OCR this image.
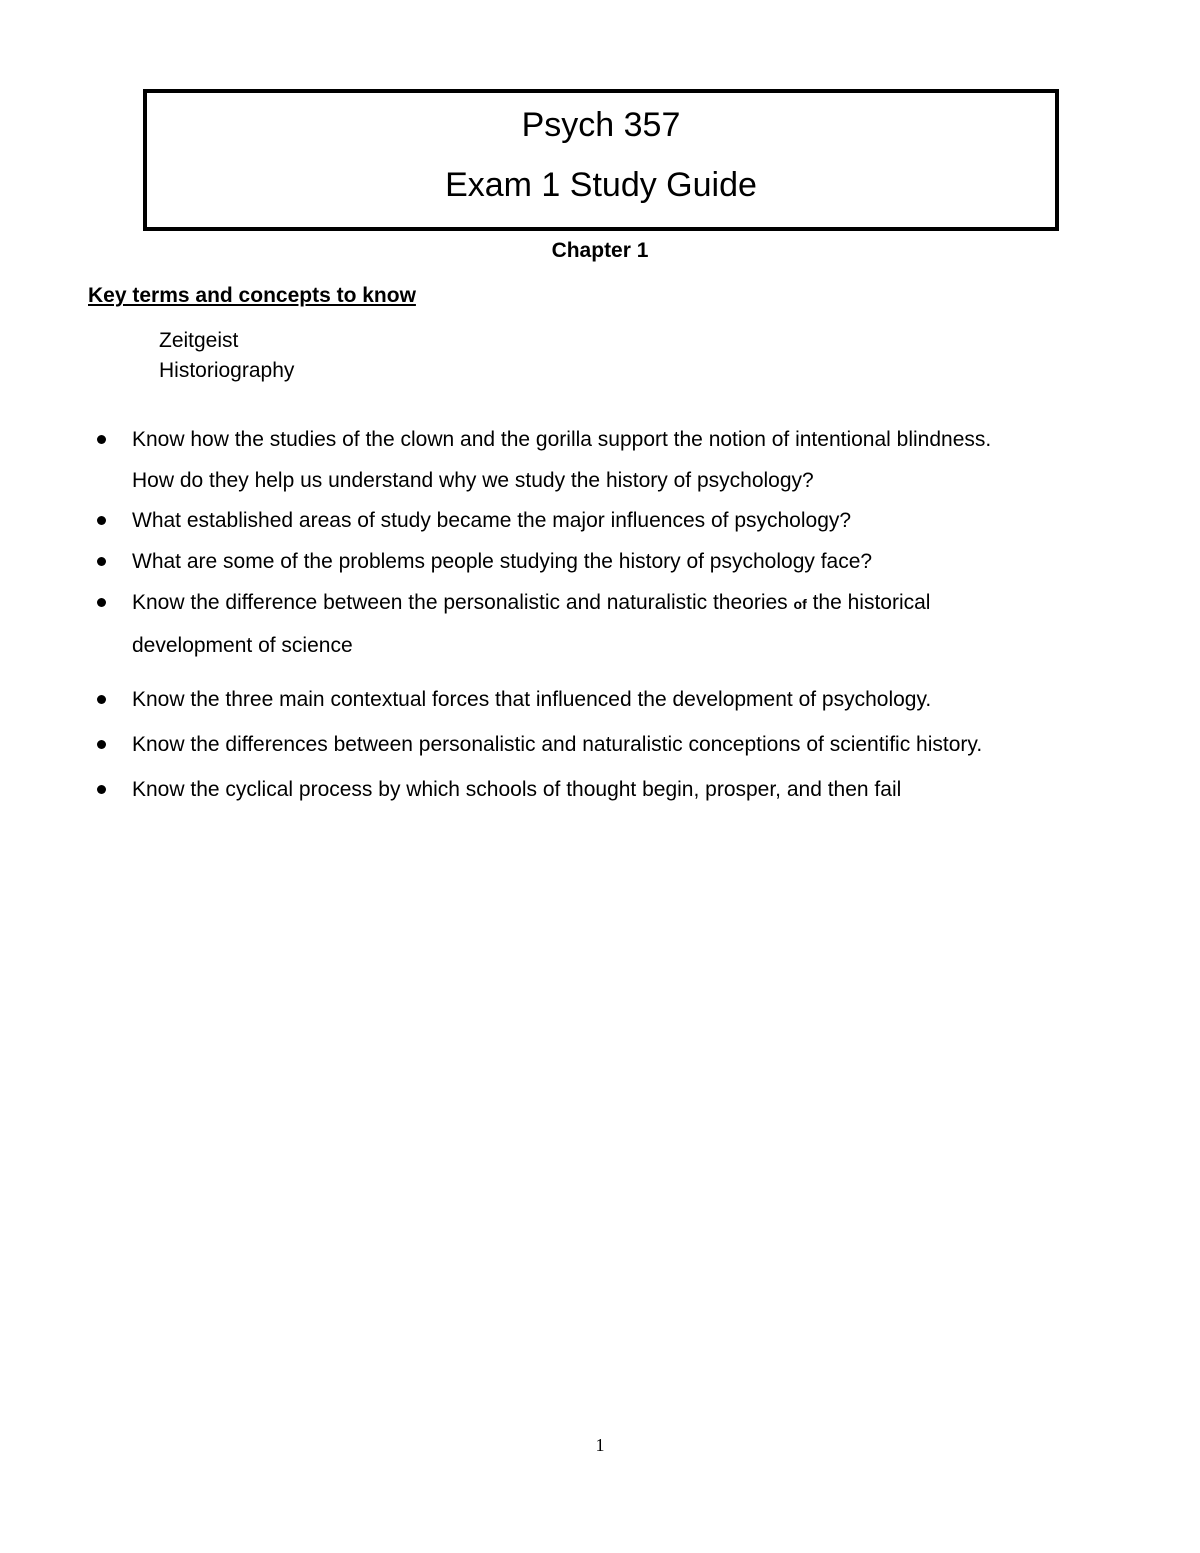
Psych 357
Exam 1 Study Guide
Chapter 1
Key terms and concepts to know
Zeitgeist
Historiography
Know how the studies of the clown and the gorilla support the notion of intentional blindness.
How do they help us understand why we study the history of psychology?
What established areas of study became the major influences of psychology?
What are some of the problems people studying the history of psychology face?
Know the difference between the personalistic and naturalistic theories of the historical
development of science
Know the three main contextual forces that influenced the development of psychology.
Know the differences between personalistic and naturalistic conceptions of scientific history.
Know the cyclical process by which schools of thought begin, prosper, and then fail
1
